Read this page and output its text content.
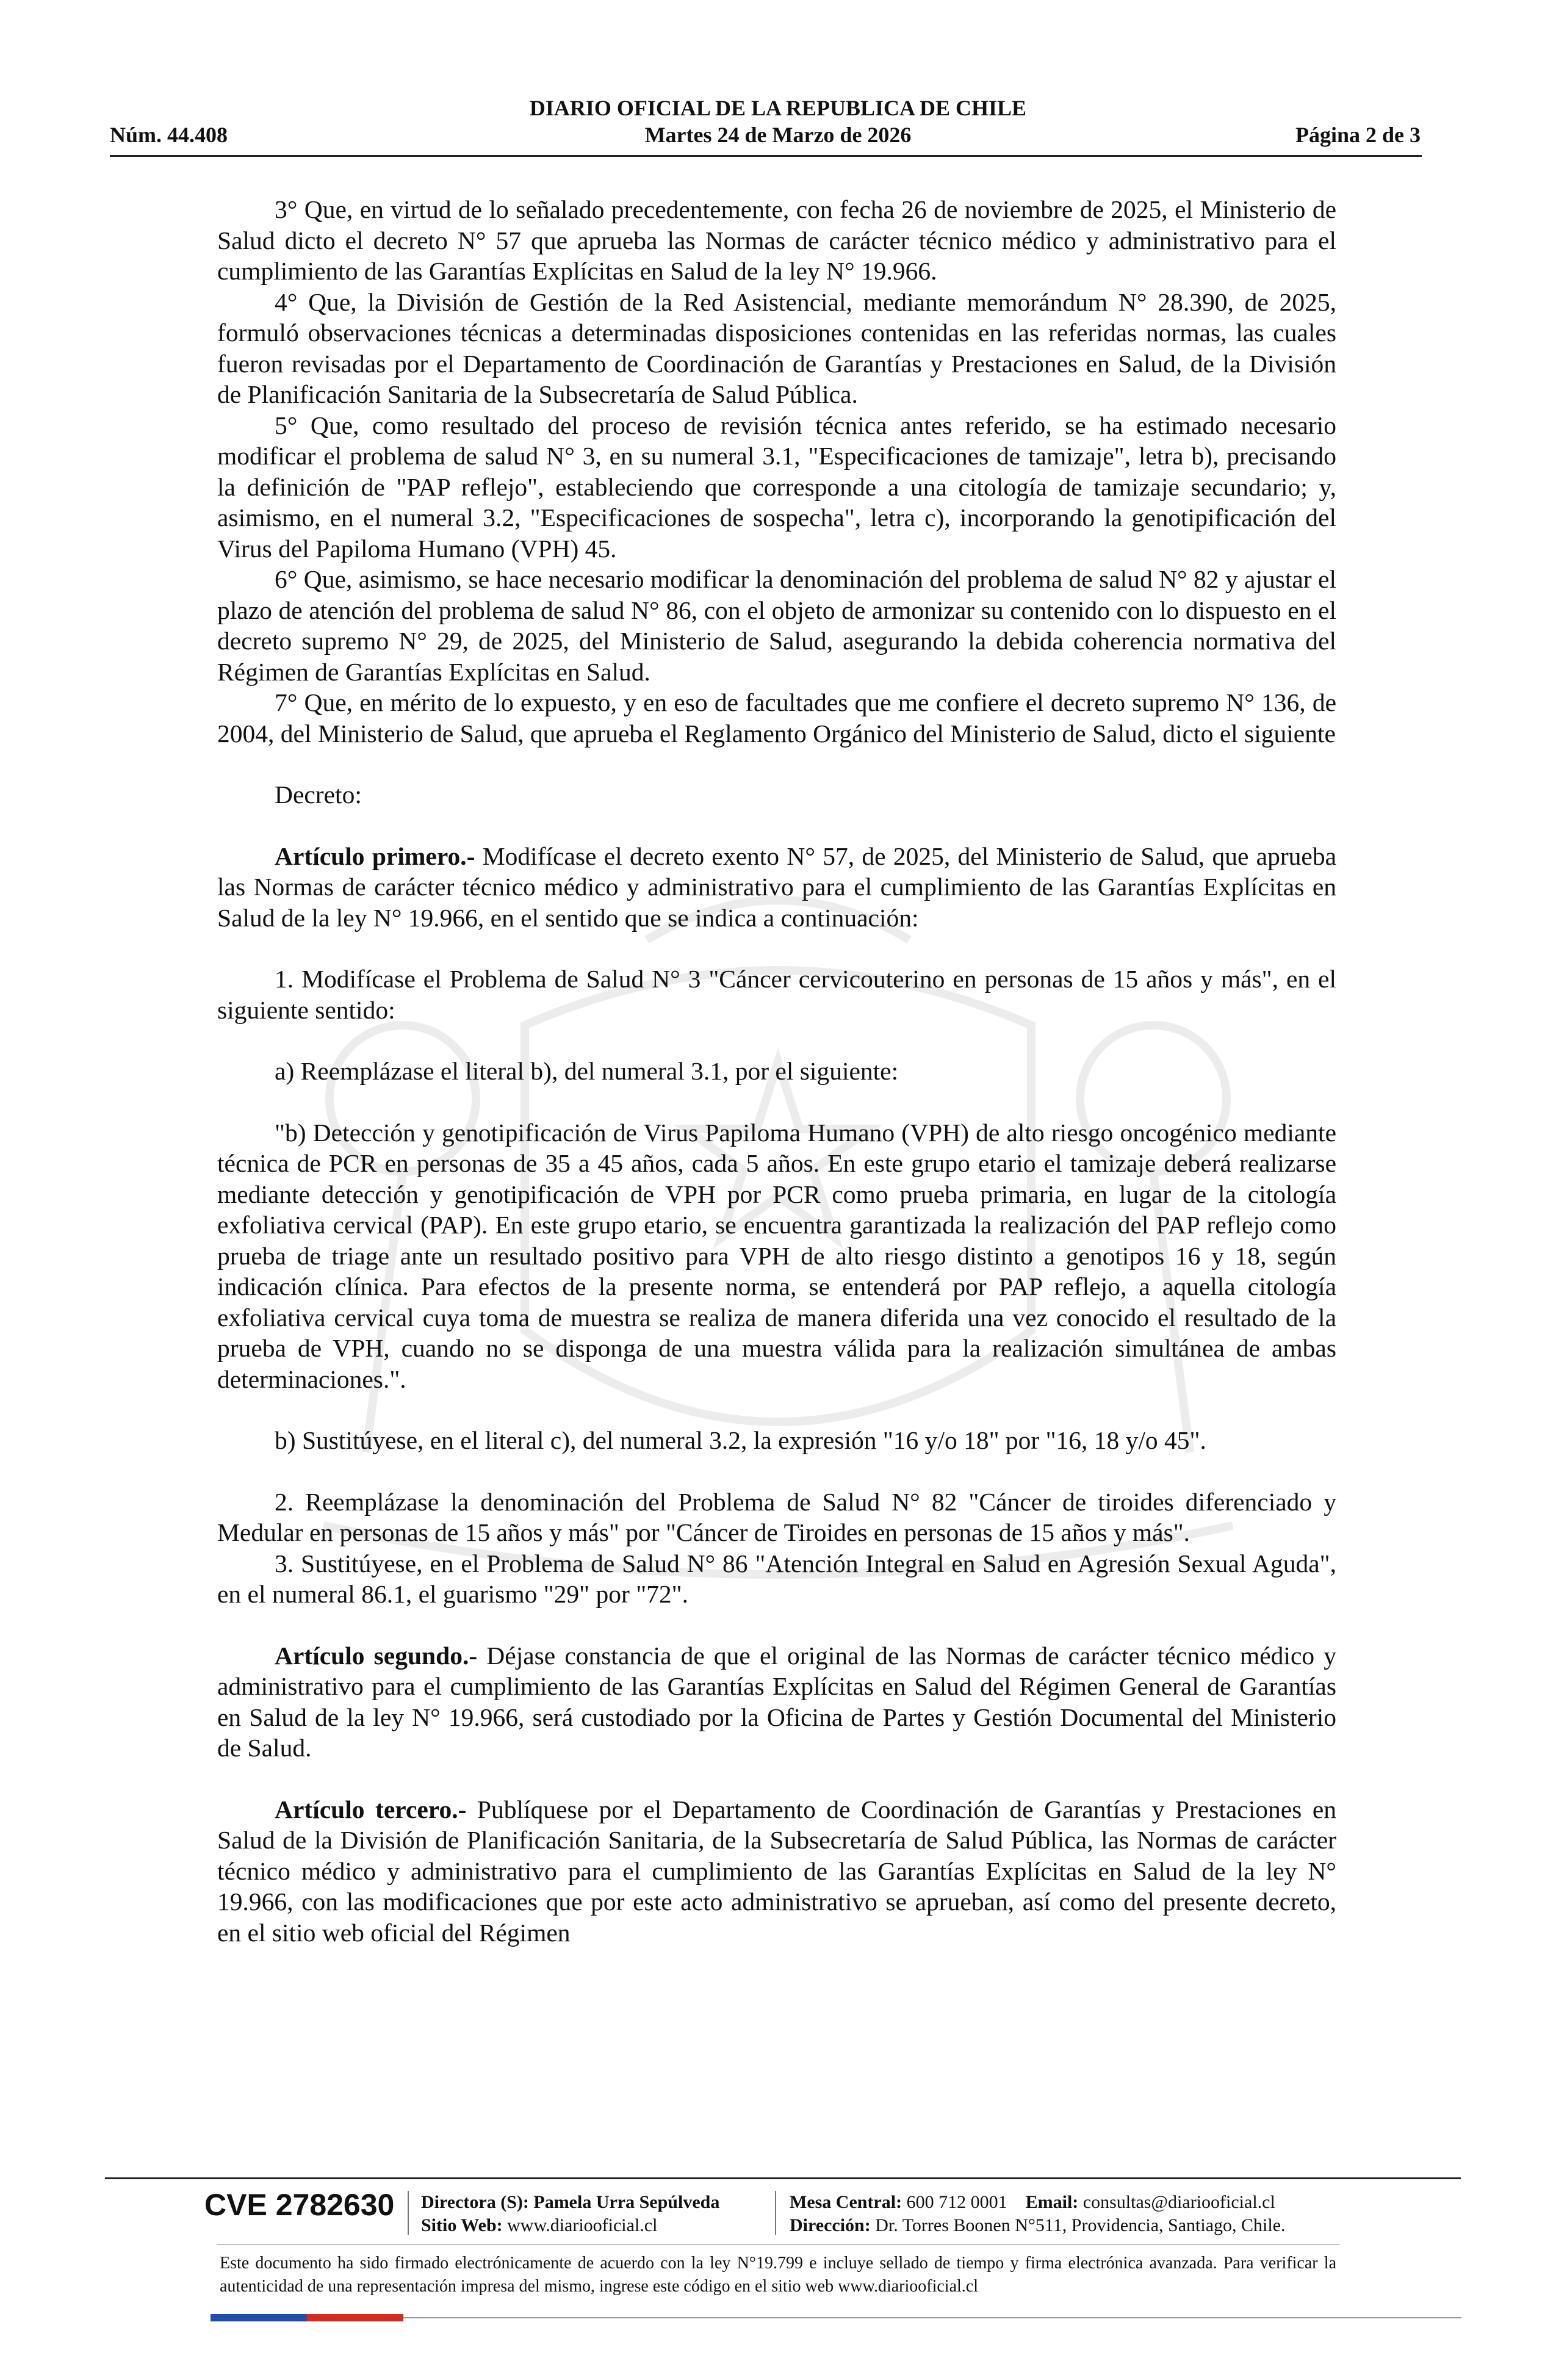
DIARIO OFICIAL DE LA REPUBLICA DE CHILE
Núm. 44.408	Martes 24 de Marzo de 2026	Página 2 de 3

3° Que, en virtud de lo señalado precedentemente, con fecha 26 de noviembre de 2025, el Ministerio de Salud dicto el decreto N° 57 que aprueba las Normas de carácter técnico médico y administrativo para el cumplimiento de las Garantías Explícitas en Salud de la ley N° 19.966.

4° Que, la División de Gestión de la Red Asistencial, mediante memorándum N° 28.390, de 2025, formuló observaciones técnicas a determinadas disposiciones contenidas en las referidas normas, las cuales fueron revisadas por el Departamento de Coordinación de Garantías y Prestaciones en Salud, de la División de Planificación Sanitaria de la Subsecretaría de Salud Pública.

5° Que, como resultado del proceso de revisión técnica antes referido, se ha estimado necesario modificar el problema de salud N° 3, en su numeral 3.1, "Especificaciones de tamizaje", letra b), precisando la definición de "PAP reflejo", estableciendo que corresponde a una citología de tamizaje secundario; y, asimismo, en el numeral 3.2, "Especificaciones de sospecha", letra c), incorporando la genotipificación del Virus del Papiloma Humano (VPH) 45.

6° Que, asimismo, se hace necesario modificar la denominación del problema de salud N° 82 y ajustar el plazo de atención del problema de salud N° 86, con el objeto de armonizar su contenido con lo dispuesto en el decreto supremo N° 29, de 2025, del Ministerio de Salud, asegurando la debida coherencia normativa del Régimen de Garantías Explícitas en Salud.

7° Que, en mérito de lo expuesto, y en eso de facultades que me confiere el decreto supremo N° 136, de 2004, del Ministerio de Salud, que aprueba el Reglamento Orgánico del Ministerio de Salud, dicto el siguiente

Decreto:

Artículo primero.- Modifícase el decreto exento N° 57, de 2025, del Ministerio de Salud, que aprueba las Normas de carácter técnico médico y administrativo para el cumplimiento de las Garantías Explícitas en Salud de la ley N° 19.966, en el sentido que se indica a continuación:

1. Modifícase el Problema de Salud N° 3 "Cáncer cervicouterino en personas de 15 años y más", en el siguiente sentido:

a) Reemplázase el literal b), del numeral 3.1, por el siguiente:

"b) Detección y genotipificación de Virus Papiloma Humano (VPH) de alto riesgo oncogénico mediante técnica de PCR en personas de 35 a 45 años, cada 5 años. En este grupo etario el tamizaje deberá realizarse mediante detección y genotipificación de VPH por PCR como prueba primaria, en lugar de la citología exfoliativa cervical (PAP). En este grupo etario, se encuentra garantizada la realización del PAP reflejo como prueba de triage ante un resultado positivo para VPH de alto riesgo distinto a genotipos 16 y 18, según indicación clínica. Para efectos de la presente norma, se entenderá por PAP reflejo, a aquella citología exfoliativa cervical cuya toma de muestra se realiza de manera diferida una vez conocido el resultado de la prueba de VPH, cuando no se disponga de una muestra válida para la realización simultánea de ambas determinaciones.".

b) Sustitúyese, en el literal c), del numeral 3.2, la expresión "16 y/o 18" por "16, 18 y/o 45".

2. Reemplázase la denominación del Problema de Salud N° 82 "Cáncer de tiroides diferenciado y Medular en personas de 15 años y más" por "Cáncer de Tiroides en personas de 15 años y más".

3. Sustitúyese, en el Problema de Salud N° 86 "Atención Integral en Salud en Agresión Sexual Aguda", en el numeral 86.1, el guarismo "29" por "72".

Artículo segundo.- Déjase constancia de que el original de las Normas de carácter técnico médico y administrativo para el cumplimiento de las Garantías Explícitas en Salud del Régimen General de Garantías en Salud de la ley N° 19.966, será custodiado por la Oficina de Partes y Gestión Documental del Ministerio de Salud.

Artículo tercero.- Publíquese por el Departamento de Coordinación de Garantías y Prestaciones en Salud de la División de Planificación Sanitaria, de la Subsecretaría de Salud Pública, las Normas de carácter técnico médico y administrativo para el cumplimiento de las Garantías Explícitas en Salud de la ley N° 19.966, con las modificaciones que por este acto administrativo se aprueban, así como del presente decreto, en el sitio web oficial del Régimen

CVE 2782630 Directora (S): Pamela Urra Sepúlveda
Sitio Web: www.diariooficial.cl
Mesa Central: 600 712 0001 Email: consultas@diariooficial.cl
Dirección: Dr. Torres Boonen N°511, Providencia, Santiago, Chile.
Este documento ha sido firmado electrónicamente de acuerdo con la ley N°19.799 e incluye sellado de tiempo y firma electrónica avanzada. Para verificar la autenticidad de una representación impresa del mismo, ingrese este código en el sitio web www.diariooficial.cl
